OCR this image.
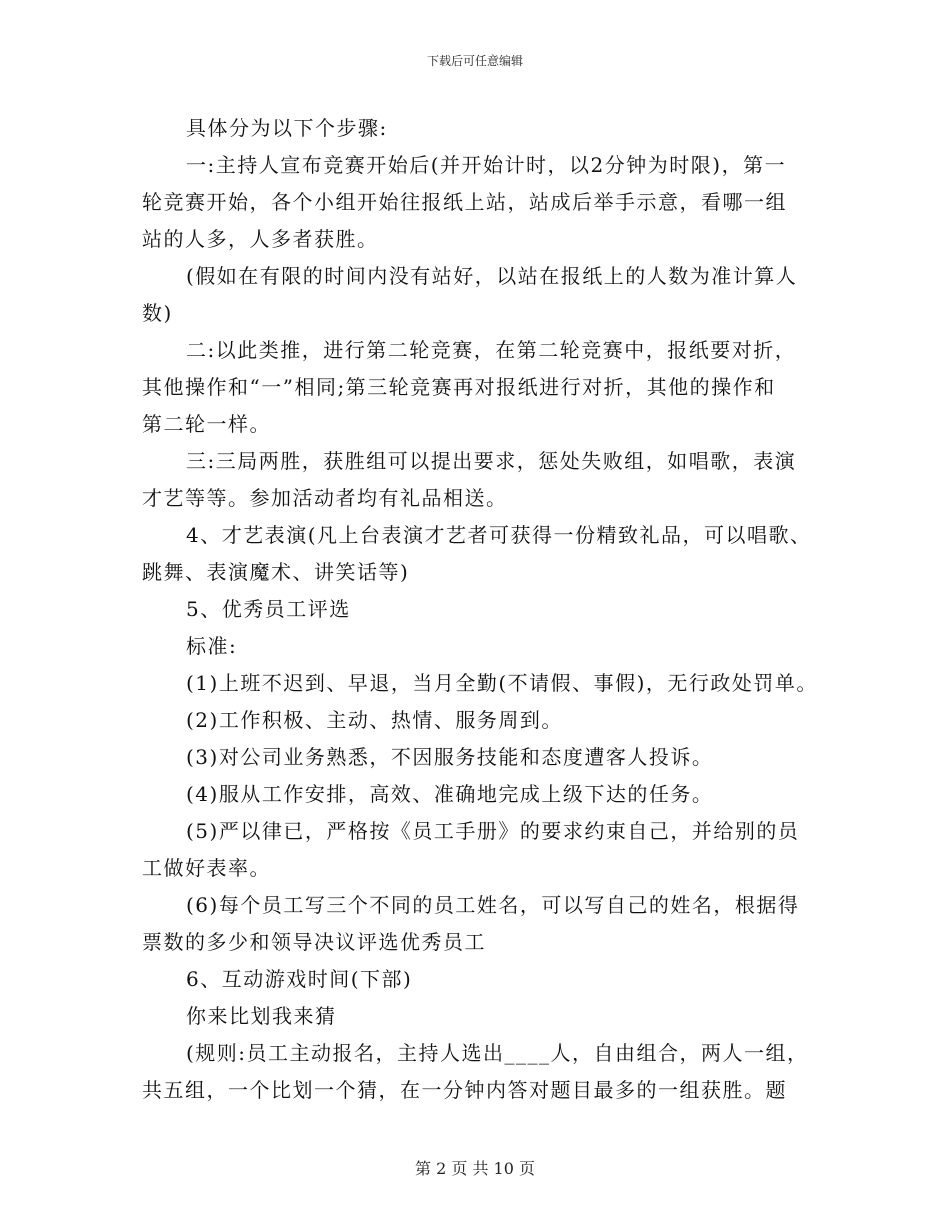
下载后可任意编辑
具体分为以下个步骤:
一:主持人宣布竞赛开始后(并开始计时，以2分钟为时限)，第一
轮竞赛开始，各个小组开始往报纸上站，站成后举手示意，看哪一组
站的人多，人多者获胜。
(假如在有限的时间内没有站好，以站在报纸上的人数为准计算人
数)
二:以此类推，进行第二轮竞赛，在第二轮竞赛中，报纸要对折，
其他操作和“一”相同;第三轮竞赛再对报纸进行对折，其他的操作和
第二轮一样。
三:三局两胜，获胜组可以提出要求，惩处失败组，如唱歌，表演
才艺等等。参加活动者均有礼品相送。
4、才艺表演(凡上台表演才艺者可获得一份精致礼品，可以唱歌、
跳舞、表演魔术、讲笑话等)
5、优秀员工评选
标准:
(1)上班不迟到、早退，当月全勤(不请假、事假)，无行政处罚单。
(2)工作积极、主动、热情、服务周到。
(3)对公司业务熟悉，不因服务技能和态度遭客人投诉。
(4)服从工作安排，高效、准确地完成上级下达的任务。
(5)严以律已，严格按《员工手册》的要求约束自己，并给别的员
工做好表率。
(6)每个员工写三个不同的员工姓名，可以写自己的姓名，根据得
票数的多少和领导决议评选优秀员工
6、互动游戏时间(下部)
你来比划我来猜
(规则:员工主动报名，主持人选出____人，自由组合，两人一组，
共五组，一个比划一个猜，在一分钟内答对题目最多的一组获胜。题
第 2 页 共 10 页
